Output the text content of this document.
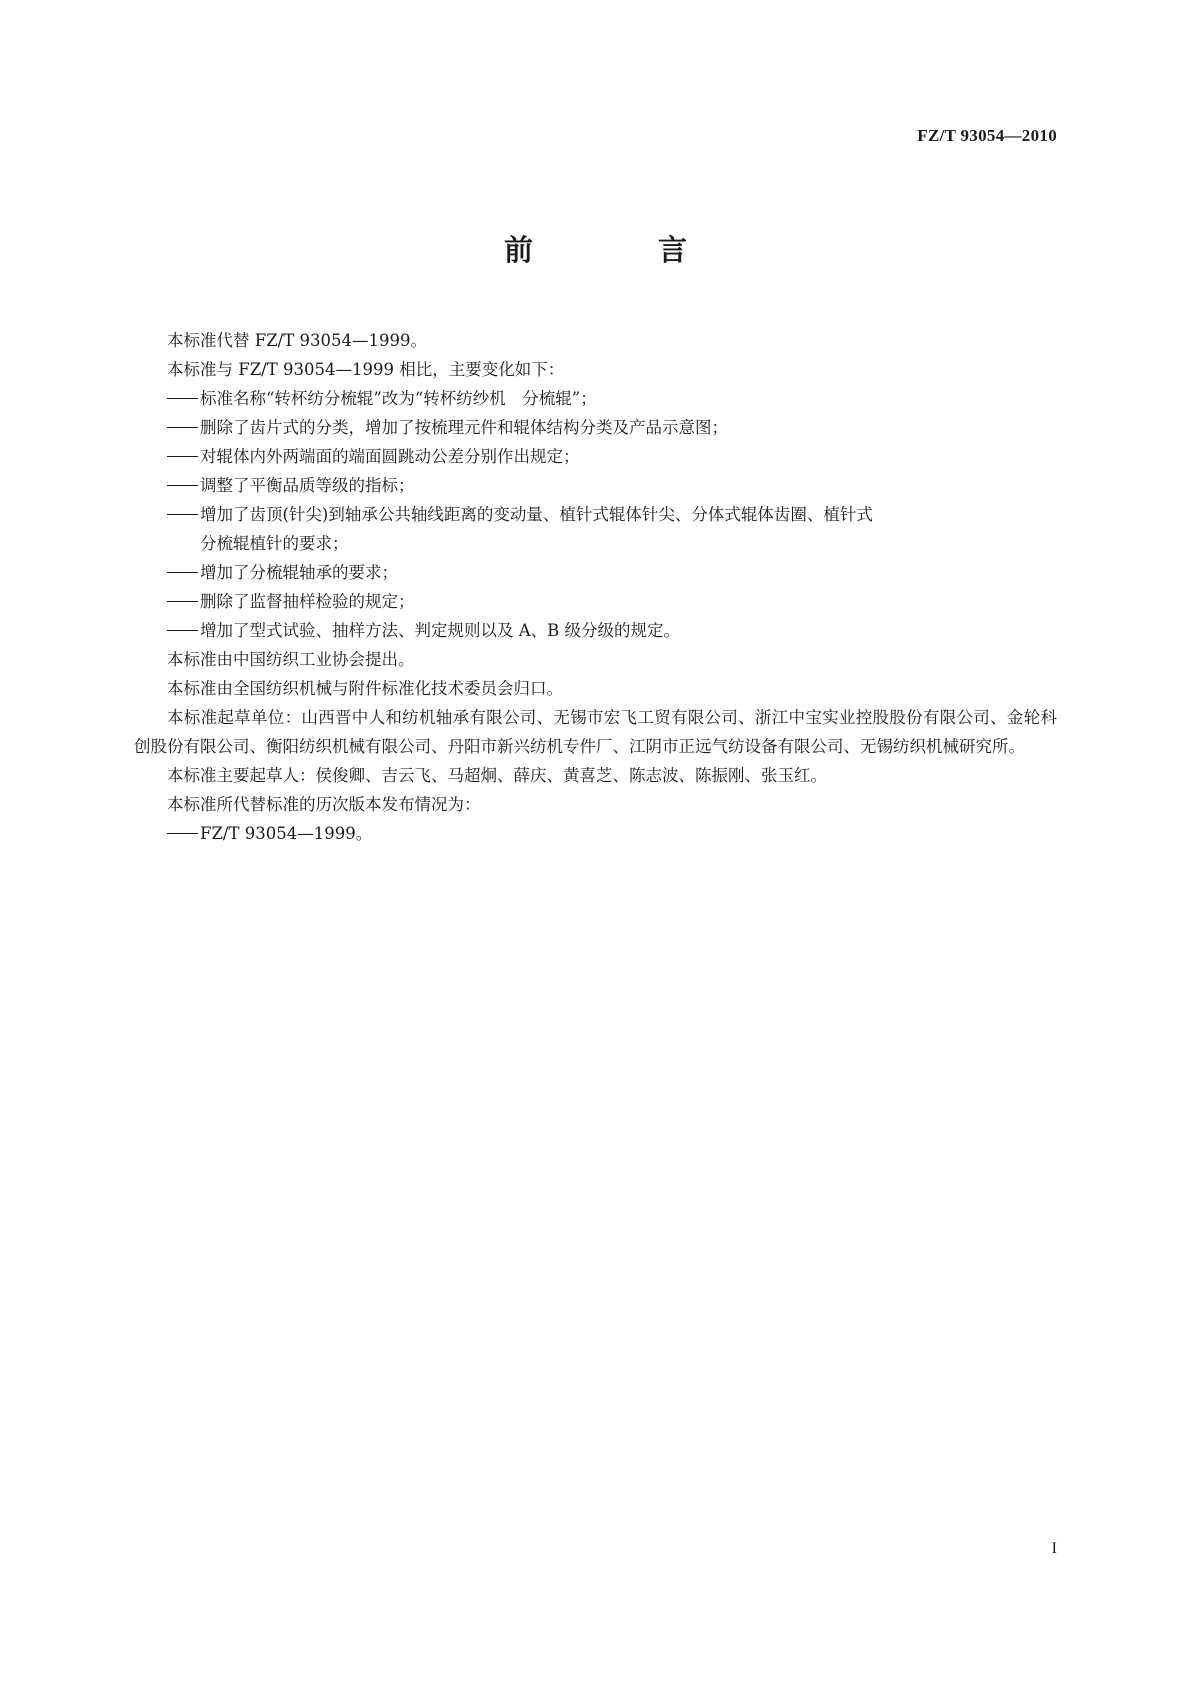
FZ/T 93054—2010
前　言

本标准代替 FZ/T 93054—1999。

本标准与 FZ/T 93054—1999 相比，主要变化如下：

标准名称“转杯纺分梳辊”改为“转杯纺纱机　分梳辊”；

删除了齿片式的分类，增加了按梳理元件和辊体结构分类及产品示意图；

对辊体内外两端面的端面圆跳动公差分别作出规定；

调整了平衡品质等级的指标；

增加了齿顶(针尖)到轴承公共轴线距离的变动量、植针式辊体针尖、分体式辊体齿圈、植针式
分梳辊植针的要求；

增加了分梳辊轴承的要求；

删除了监督抽样检验的规定；

增加了型式试验、抽样方法、判定规则以及 A、B 级分级的规定。

本标准由中国纺织工业协会提出。

本标准由全国纺织机械与附件标准化技术委员会归口。

本标准起草单位：山西晋中人和纺机轴承有限公司、无锡市宏飞工贸有限公司、浙江中宝实业控股股份有限公司、金轮科创股份有限公司、衡阳纺织机械有限公司、丹阳市新兴纺机专件厂、江阴市正远气纺设备有限公司、无锡纺织机械研究所。

本标准主要起草人：侯俊卿、吉云飞、马超炯、薛庆、黄喜芝、陈志波、陈振刚、张玉红。

本标准所代替标准的历次版本发布情况为：

FZ/T 93054—1999。

I
